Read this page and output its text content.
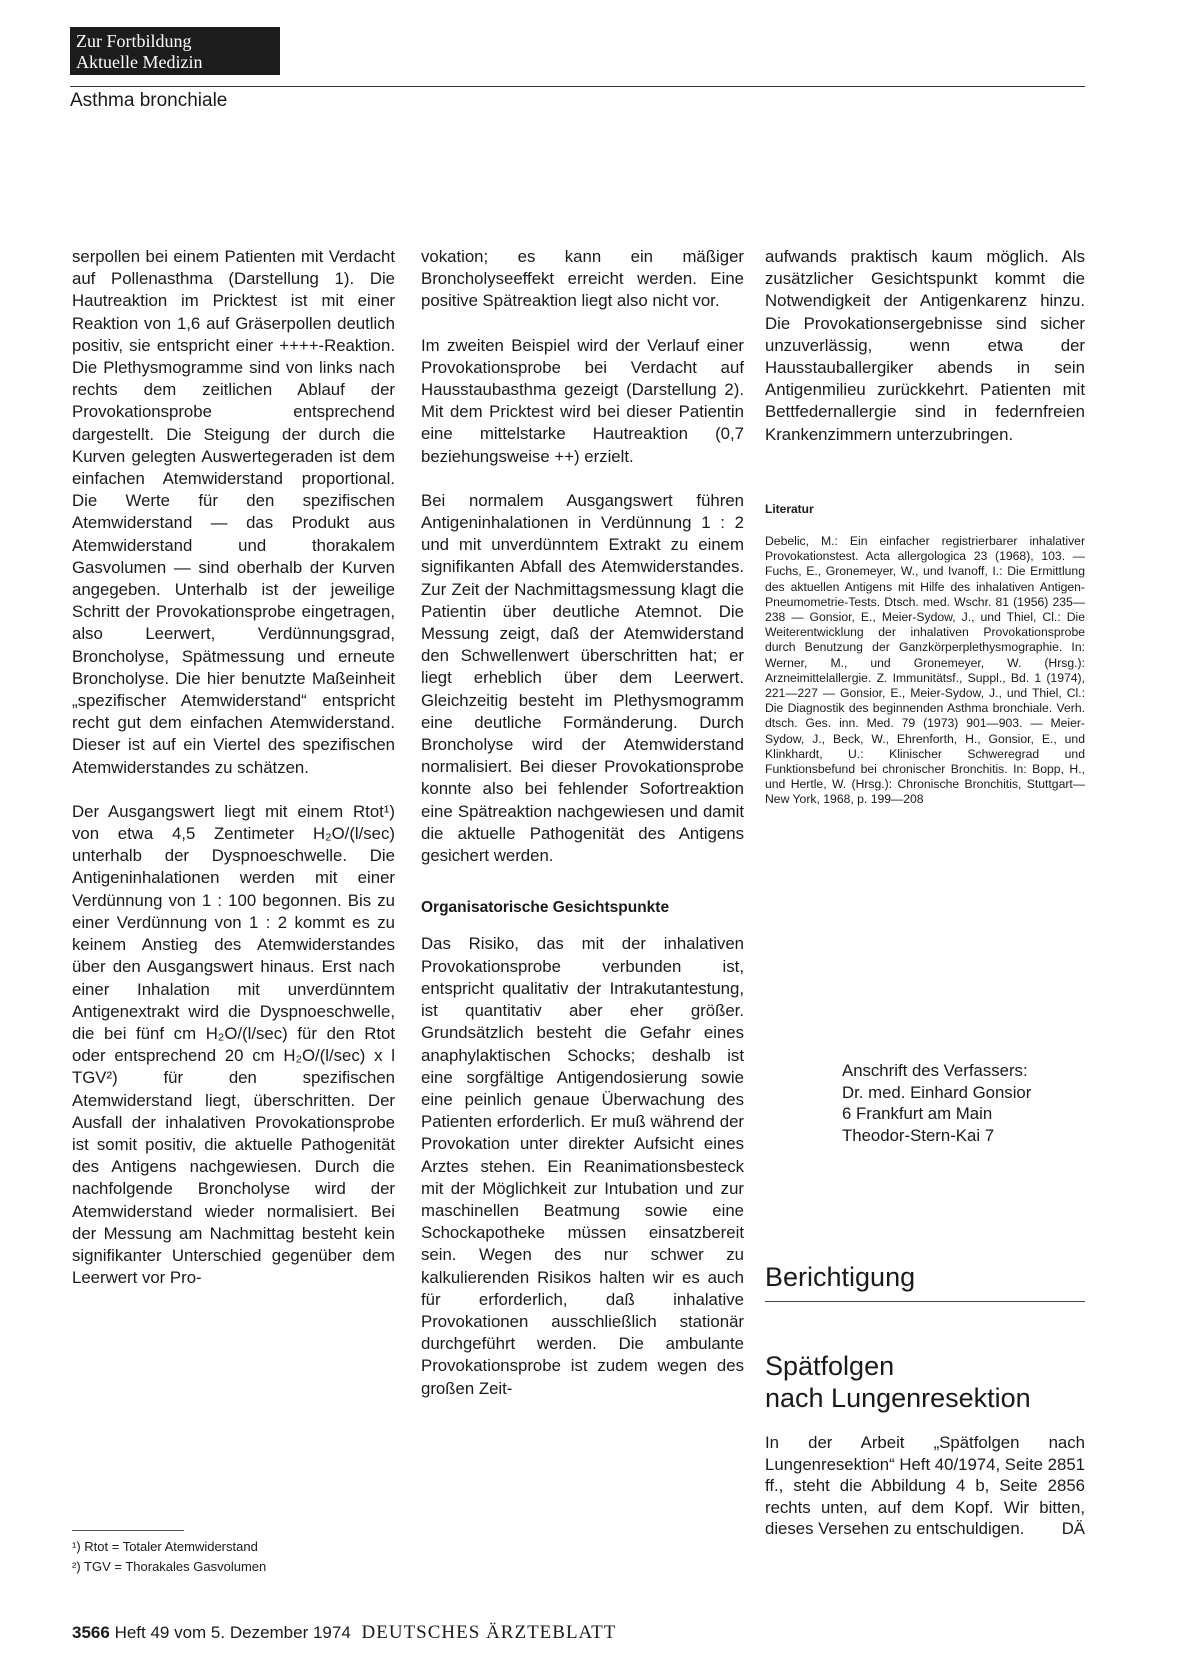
Zur Fortbildung
Aktuelle Medizin
Asthma bronchiale

serpollen bei einem Patienten mit Verdacht auf Pollenasthma (Darstellung 1). Die Hautreaktion im Pricktest ist mit einer Reaktion von 1,6 auf Gräserpollen deutlich positiv, sie entspricht einer ++++-Reaktion. Die Plethysmogramme sind von links nach rechts dem zeitlichen Ablauf der Provokationsprobe entsprechend dargestellt. Die Steigung der durch die Kurven gelegten Auswertegeraden ist dem einfachen Atemwiderstand proportional. Die Werte für den spezifischen Atemwiderstand — das Produkt aus Atemwiderstand und thorakalem Gasvolumen — sind oberhalb der Kurven angegeben. Unterhalb ist der jeweilige Schritt der Provokationsprobe eingetragen, also Leerwert, Verdünnungsgrad, Broncholyse, Spätmessung und erneute Broncholyse. Die hier benutzte Maßeinheit „spezifischer Atemwiderstand“ entspricht recht gut dem einfachen Atemwiderstand. Dieser ist auf ein Viertel des spezifischen Atemwiderstandes zu schätzen.

Der Ausgangswert liegt mit einem Rtot¹) von etwa 4,5 Zentimeter H₂O/(l/sec) unterhalb der Dyspnoeschwelle. Die Antigeninhalationen werden mit einer Verdünnung von 1 : 100 begonnen. Bis zu einer Verdünnung von 1 : 2 kommt es zu keinem Anstieg des Atemwiderstandes über den Ausgangswert hinaus. Erst nach einer Inhalation mit unverdünntem Antigenextrakt wird die Dyspnoeschwelle, die bei fünf cm H₂O/(l/sec) für den Rtot oder entsprechend 20 cm H₂O/(l/sec) x l TGV²) für den spezifischen Atemwiderstand liegt, überschritten. Der Ausfall der inhalativen Provokationsprobe ist somit positiv, die aktuelle Pathogenität des Antigens nachgewiesen. Durch die nachfolgende Broncholyse wird der Atemwiderstand wieder normalisiert. Bei der Messung am Nachmittag besteht kein signifikanter Unterschied gegenüber dem Leerwert vor Pro-

vokation; es kann ein mäßiger Broncholyseeffekt erreicht werden. Eine positive Spätreaktion liegt also nicht vor.

Im zweiten Beispiel wird der Verlauf einer Provokationsprobe bei Verdacht auf Hausstaubasthma gezeigt (Darstellung 2). Mit dem Pricktest wird bei dieser Patientin eine mittelstarke Hautreaktion (0,7 beziehungsweise ++) erzielt.

Bei normalem Ausgangswert führen Antigeninhalationen in Verdünnung 1 : 2 und mit unverdünntem Extrakt zu einem signifikanten Abfall des Atemwiderstandes. Zur Zeit der Nachmittagsmessung klagt die Patientin über deutliche Atemnot. Die Messung zeigt, daß der Atemwiderstand den Schwellenwert überschritten hat; er liegt erheblich über dem Leerwert. Gleichzeitig besteht im Plethysmogramm eine deutliche Formänderung. Durch Broncholyse wird der Atemwiderstand normalisiert. Bei dieser Provokationsprobe konnte also bei fehlender Sofortreaktion eine Spätreaktion nachgewiesen und damit die aktuelle Pathogenität des Antigens gesichert werden.

Organisatorische Gesichtspunkte

Das Risiko, das mit der inhalativen Provokationsprobe verbunden ist, entspricht qualitativ der Intrakutantestung, ist quantitativ aber eher größer. Grundsätzlich besteht die Gefahr eines anaphylaktischen Schocks; deshalb ist eine sorgfältige Antigendosierung sowie eine peinlich genaue Überwachung des Patienten erforderlich. Er muß während der Provokation unter direkter Aufsicht eines Arztes stehen. Ein Reanimationsbesteck mit der Möglichkeit zur Intubation und zur maschinellen Beatmung sowie eine Schockapotheke müssen einsatzbereit sein. Wegen des nur schwer zu kalkulierenden Risikos halten wir es auch für erforderlich, daß inhalative Provokationen ausschließlich stationär durchgeführt werden. Die ambulante Provokationsprobe ist zudem wegen des großen Zeit-

aufwands praktisch kaum möglich. Als zusätzlicher Gesichtspunkt kommt die Notwendigkeit der Antigenkarenz hinzu. Die Provokationsergebnisse sind sicher unzuverlässig, wenn etwa der Hausstauballergiker abends in sein Antigenmilieu zurückkehrt. Patienten mit Bettfedernallergie sind in federnfreien Krankenzimmern unterzubringen.

Literatur
Debelic, M.: Ein einfacher registrierbarer inhalativer Provokationstest. Acta allergologica 23 (1968), 103. — Fuchs, E., Gronemeyer, W., und Ivanoff, I.: Die Ermittlung des aktuellen Antigens mit Hilfe des inhalativen Antigen-Pneumometrie-Tests. Dtsch. med. Wschr. 81 (1956) 235—238 — Gonsior, E., Meier-Sydow, J., und Thiel, Cl.: Die Weiterentwicklung der inhalativen Provokationsprobe durch Benutzung der Ganzkörperplethysmographie. In: Werner, M., und Gronemeyer, W. (Hrsg.): Arzneimittelallergie. Z. Immunitätsf., Suppl., Bd. 1 (1974), 221—227 — Gonsior, E., Meier-Sydow, J., und Thiel, Cl.: Die Diagnostik des beginnenden Asthma bronchiale. Verh. dtsch. Ges. inn. Med. 79 (1973) 901—903. — Meier-Sydow, J., Beck, W., Ehrenforth, H., Gonsior, E., und Klinkhardt, U.: Klinischer Schweregrad und Funktionsbefund bei chronischer Bronchitis. In: Bopp, H., und Hertle, W. (Hrsg.): Chronische Bronchitis, Stuttgart—New York, 1968, p. 199—208
Anschrift des Verfassers:
Dr. med. Einhard Gonsior
6 Frankfurt am Main
Theodor-Stern-Kai 7
Berichtigung
Spätfolgen
nach Lungenresektion
In der Arbeit „Spätfolgen nach Lungenresektion“ Heft 40/1974, Seite 2851 ff., steht die Abbildung 4 b, Seite 2856 rechts unten, auf dem Kopf. Wir bitten, dieses Versehen zu entschuldigen. DÄ
¹) Rtot = Totaler Atemwiderstand
²) TGV = Thorakales Gasvolumen
3566 Heft 49 vom 5. Dezember 1974 DEUTSCHES ÄRZTEBLATT
